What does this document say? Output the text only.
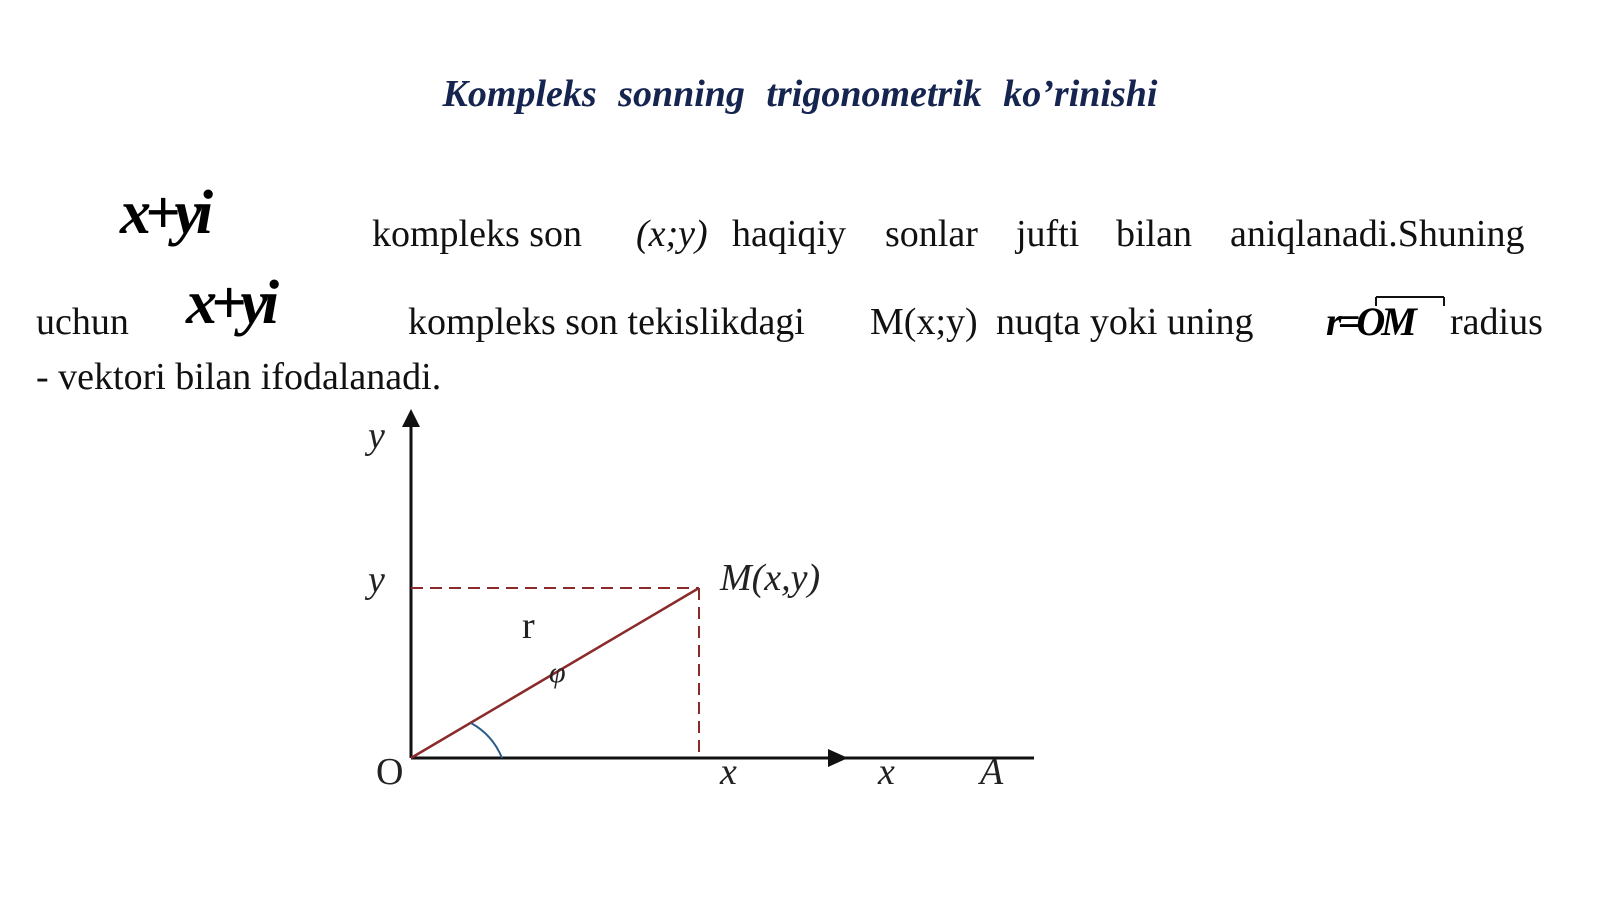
Kompleks sonning trigonometrik ko’rinishi
x+yi	kompleks son (x;y) haqiqiy sonlar jufti bilan aniqlanadi.Shuning
uchun x+yi	kompleks son tekislikdagi M(x;y) nuqta yoki uning r=OM radius
- vektori bilan ifodalanadi.
y
y	M(x,y)
r
φ
O	x	x A
